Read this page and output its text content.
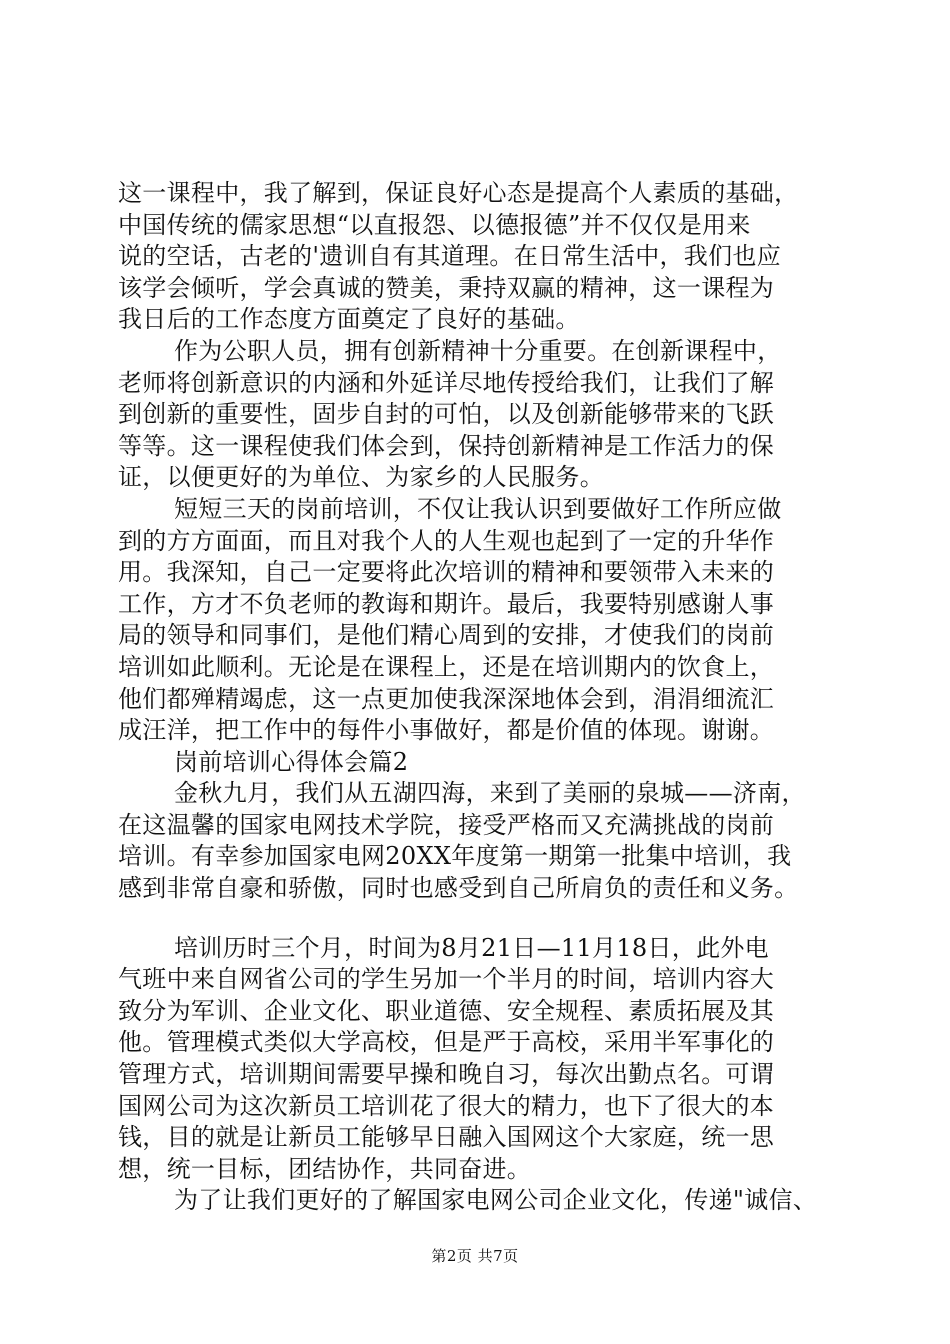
这一课程中，我了解到，保证良好心态是提高个人素质的基础，
中国传统的儒家思想“以直报怨、以德报德”并不仅仅是用来
说的空话，古老的'遗训自有其道理。在日常生活中，我们也应
该学会倾听，学会真诚的赞美，秉持双赢的精神，这一课程为
我日后的工作态度方面奠定了良好的基础。
作为公职人员，拥有创新精神十分重要。在创新课程中，
老师将创新意识的内涵和外延详尽地传授给我们，让我们了解
到创新的重要性，固步自封的可怕，以及创新能够带来的飞跃
等等。这一课程使我们体会到，保持创新精神是工作活力的保
证，以便更好的为单位、为家乡的人民服务。
短短三天的岗前培训，不仅让我认识到要做好工作所应做
到的方方面面，而且对我个人的人生观也起到了一定的升华作
用。我深知，自己一定要将此次培训的精神和要领带入未来的
工作，方才不负老师的教诲和期许。最后，我要特别感谢人事
局的领导和同事们，是他们精心周到的安排，才使我们的岗前
培训如此顺利。无论是在课程上，还是在培训期内的饮食上，
他们都殚精竭虑，这一点更加使我深深地体会到，涓涓细流汇
成汪洋，把工作中的每件小事做好，都是价值的体现。谢谢。
岗前培训心得体会篇2
金秋九月，我们从五湖四海，来到了美丽的泉城——济南，
在这温馨的国家电网技术学院，接受严格而又充满挑战的岗前
培训。有幸参加国家电网20XX年度第一期第一批集中培训，我
感到非常自豪和骄傲，同时也感受到自己所肩负的责任和义务。
培训历时三个月，时间为8月21日—11月18日，此外电
气班中来自网省公司的学生另加一个半月的时间，培训内容大
致分为军训、企业文化、职业道德、安全规程、素质拓展及其
他。管理模式类似大学高校，但是严于高校，采用半军事化的
管理方式，培训期间需要早操和晚自习，每次出勤点名。可谓
国网公司为这次新员工培训花了很大的精力，也下了很大的本
钱，目的就是让新员工能够早日融入国网这个大家庭，统一思
想，统一目标，团结协作，共同奋进。
为了让我们更好的了解国家电网公司企业文化，传递"诚信、
第2页 共7页
